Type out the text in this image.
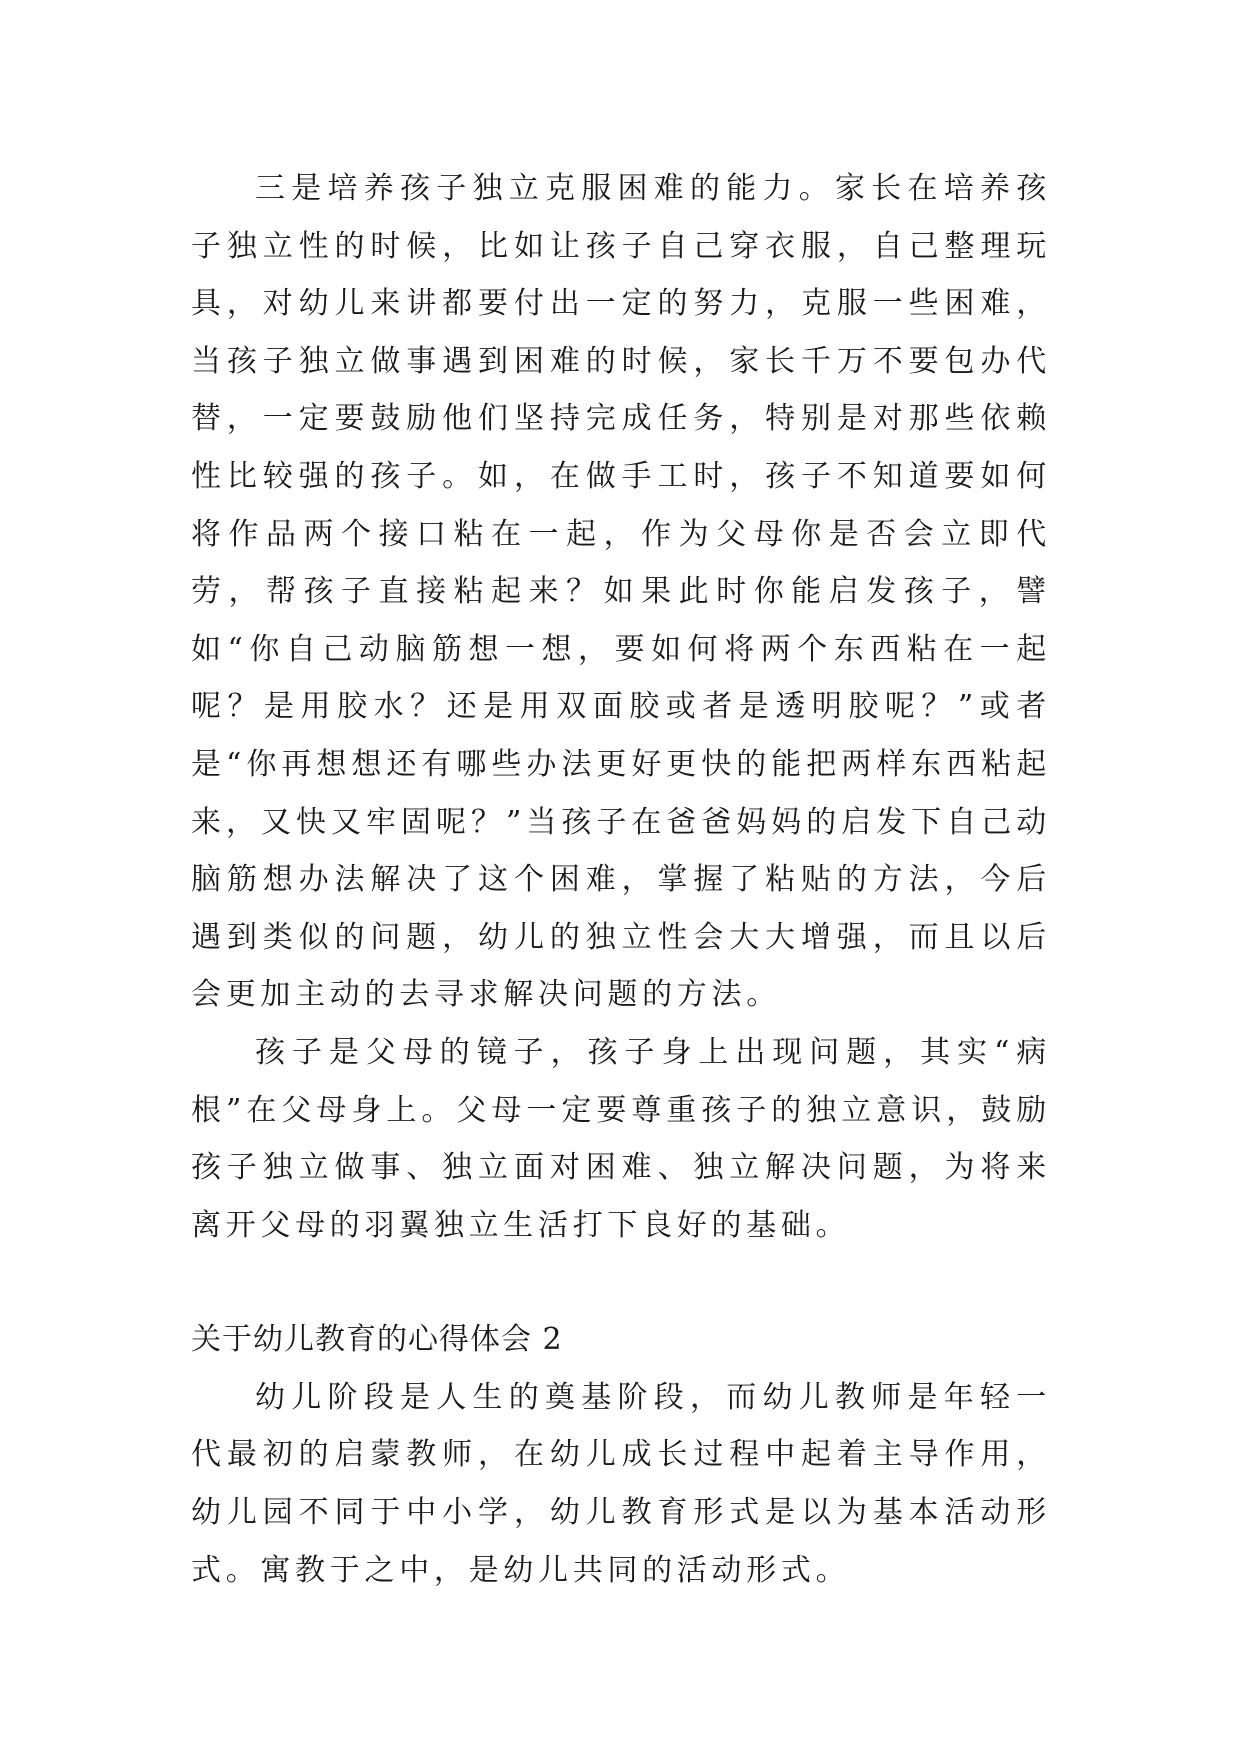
三是培养孩子独立克服困难的能力。家长在培养孩子独立性的时候，比如让孩子自己穿衣服，自己整理玩具，对幼儿来讲都要付出一定的努力，克服一些困难，当孩子独立做事遇到困难的时候，家长千万不要包办代替，一定要鼓励他们坚持完成任务，特别是对那些依赖性比较强的孩子。如，在做手工时，孩子不知道要如何将作品两个接口粘在一起，作为父母你是否会立即代劳，帮孩子直接粘起来？如果此时你能启发孩子，譬如“你自己动脑筋想一想，要如何将两个东西粘在一起呢？是用胶水？还是用双面胶或者是透明胶呢？”或者是“你再想想还有哪些办法更好更快的能把两样东西粘起来，又快又牢固呢？”当孩子在爸爸妈妈的启发下自己动脑筋想办法解决了这个困难，掌握了粘贴的方法，今后遇到类似的问题，幼儿的独立性会大大增强，而且以后会更加主动的去寻求解决问题的方法。

孩子是父母的镜子，孩子身上出现问题，其实“病根”在父母身上。父母一定要尊重孩子的独立意识，鼓励孩子独立做事、独立面对困难、独立解决问题，为将来离开父母的羽翼独立生活打下良好的基础。

关于幼儿教育的心得体会 2

幼儿阶段是人生的奠基阶段，而幼儿教师是年轻一代最初的启蒙教师，在幼儿成长过程中起着主导作用，幼儿园不同于中小学，幼儿教育形式是以为基本活动形式。寓教于之中，是幼儿共同的活动形式。
